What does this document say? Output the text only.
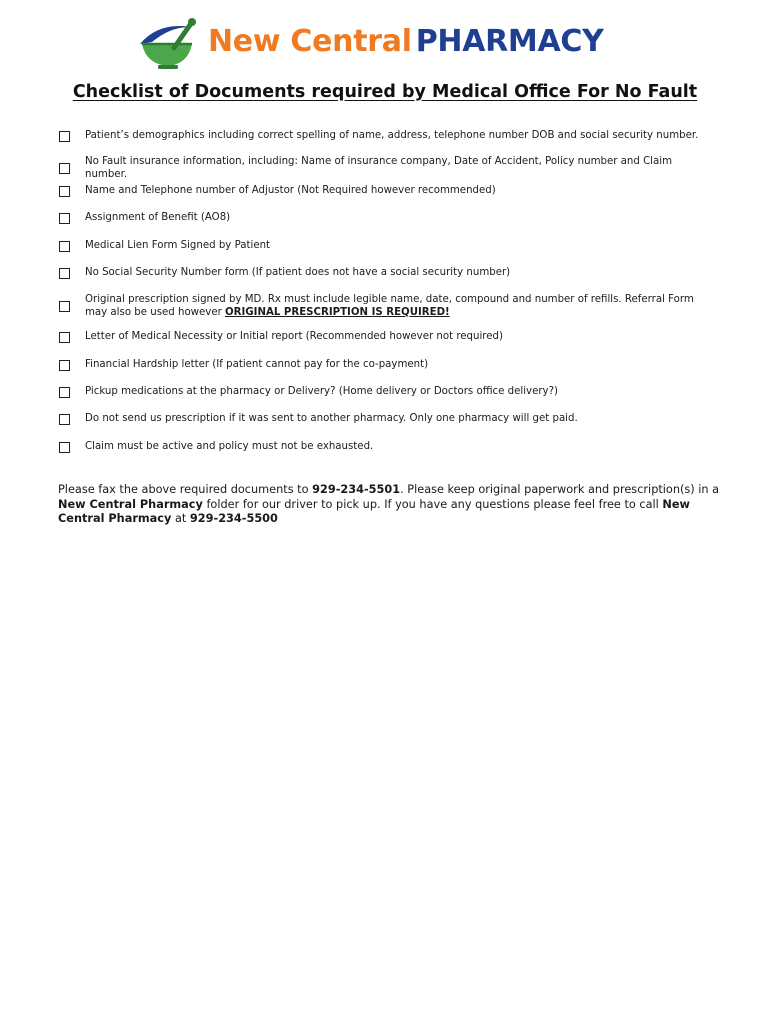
New Central PHARMACY
Checklist of Documents required by Medical Office For No Fault
Patient’s demographics including correct spelling of name, address, telephone number DOB and social security number.
No Fault insurance information, including: Name of insurance company, Date of Accident, Policy number and Claim number.
Name and Telephone number of Adjustor (Not Required however recommended)
Assignment of Benefit (AO8)
Medical Lien Form Signed by Patient
No Social Security Number form (If patient does not have a social security number)
Original prescription signed by MD. Rx must include legible name, date, compound and number of refills. Referral Form may also be used however ORIGINAL PRESCRIPTION IS REQUIRED!
Letter of Medical Necessity or Initial report (Recommended however not required)
Financial Hardship letter (If patient cannot pay for the co-payment)
Pickup medications at the pharmacy or Delivery? (Home delivery or Doctors office delivery?)
Do not send us prescription if it was sent to another pharmacy. Only one pharmacy will get paid.
Claim must be active and policy must not be exhausted.
Please fax the above required documents to 929-234-5501. Please keep original paperwork and prescription(s) in a New Central Pharmacy folder for our driver to pick up. If you have any questions please feel free to call New Central Pharmacy at 929-234-5500
